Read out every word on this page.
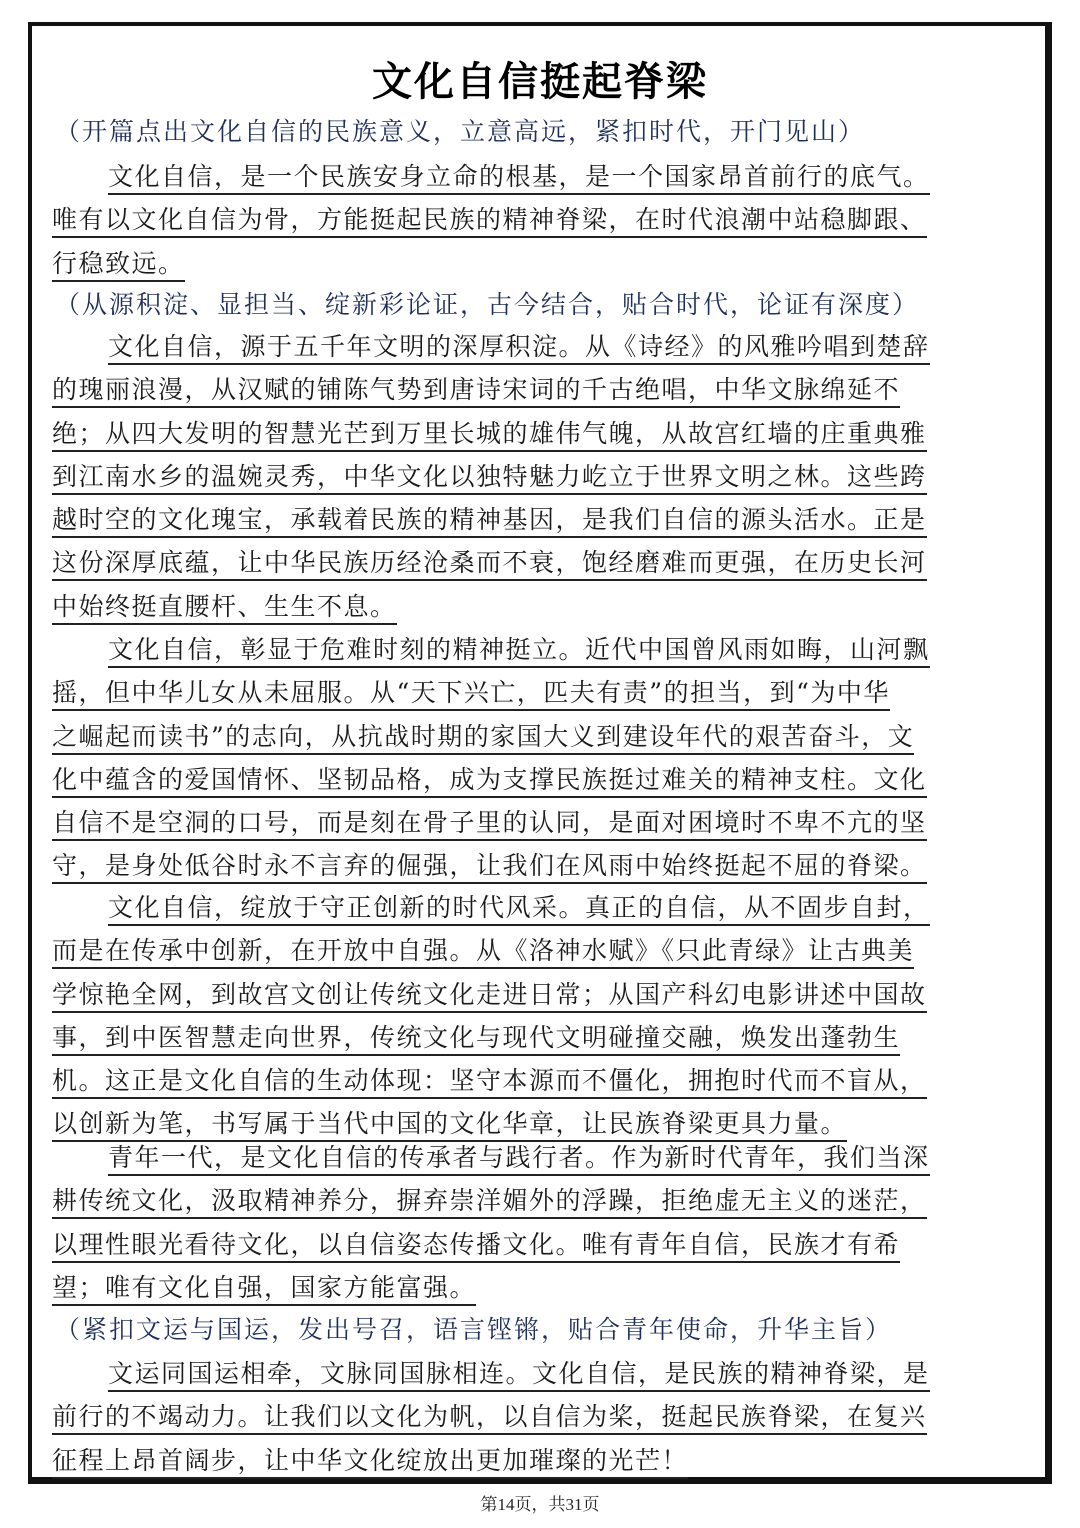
文化自信挺起脊梁
（开篇点出文化自信的民族意义，立意高远，紧扣时代，开门见山）
文化自信，是一个民族安身立命的根基，是一个国家昂首前行的底气。
唯有以文化自信为骨，方能挺起民族的精神脊梁，在时代浪潮中站稳脚跟、
行稳致远。
（从源积淀、显担当、绽新彩论证，古今结合，贴合时代，论证有深度）
文化自信，源于五千年文明的深厚积淀。从《诗经》的风雅吟唱到楚辞
的瑰丽浪漫，从汉赋的铺陈气势到唐诗宋词的千古绝唱，中华文脉绵延不
绝；从四大发明的智慧光芒到万里长城的雄伟气魄，从故宫红墙的庄重典雅
到江南水乡的温婉灵秀，中华文化以独特魅力屹立于世界文明之林。这些跨
越时空的文化瑰宝，承载着民族的精神基因，是我们自信的源头活水。正是
这份深厚底蕴，让中华民族历经沧桑而不衰，饱经磨难而更强，在历史长河
中始终挺直腰杆、生生不息。
文化自信，彰显于危难时刻的精神挺立。近代中国曾风雨如晦，山河飘
摇，但中华儿女从未屈服。从“天下兴亡，匹夫有责”的担当，到“为中华
之崛起而读书”的志向，从抗战时期的家国大义到建设年代的艰苦奋斗，文
化中蕴含的爱国情怀、坚韧品格，成为支撑民族挺过难关的精神支柱。文化
自信不是空洞的口号，而是刻在骨子里的认同，是面对困境时不卑不亢的坚
守，是身处低谷时永不言弃的倔强，让我们在风雨中始终挺起不屈的脊梁。
文化自信，绽放于守正创新的时代风采。真正的自信，从不固步自封，
而是在传承中创新，在开放中自强。从《洛神水赋》《只此青绿》让古典美
学惊艳全网，到故宫文创让传统文化走进日常；从国产科幻电影讲述中国故
事，到中医智慧走向世界，传统文化与现代文明碰撞交融，焕发出蓬勃生
机。这正是文化自信的生动体现：坚守本源而不僵化，拥抱时代而不盲从，
以创新为笔，书写属于当代中国的文化华章，让民族脊梁更具力量。
青年一代，是文化自信的传承者与践行者。作为新时代青年，我们当深
耕传统文化，汲取精神养分，摒弃崇洋媚外的浮躁，拒绝虚无主义的迷茫，
以理性眼光看待文化，以自信姿态传播文化。唯有青年自信，民族才有希
望；唯有文化自强，国家方能富强。
（紧扣文运与国运，发出号召，语言铿锵，贴合青年使命，升华主旨）
文运同国运相牵，文脉同国脉相连。文化自信，是民族的精神脊梁，是
前行的不竭动力。让我们以文化为帆，以自信为桨，挺起民族脊梁，在复兴
征程上昂首阔步，让中华文化绽放出更加璀璨的光芒！
第14页，共31页
